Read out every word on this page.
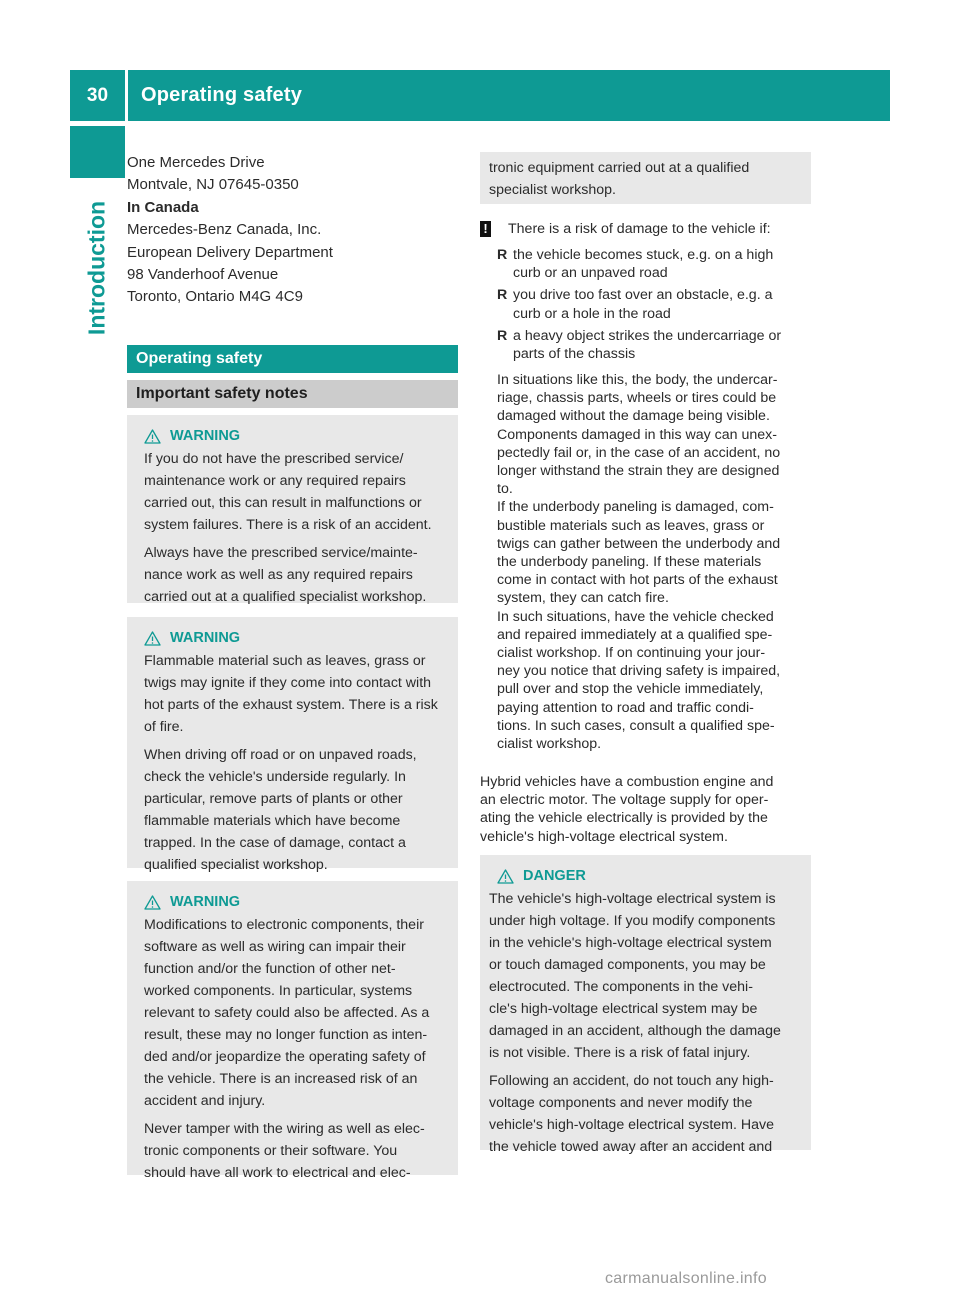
30	Operating safety
Introduction
One Mercedes Drive
Montvale, NJ 07645-0350
In Canada
Mercedes-Benz Canada, Inc.
European Delivery Department
98 Vanderhoof Avenue
Toronto, Ontario M4G 4C9
Operating safety
Important safety notes
WARNING
If you do not have the prescribed service/
maintenance work or any required repairs
carried out, this can result in malfunctions or
system failures. There is a risk of an accident.
Always have the prescribed service/mainte-
nance work as well as any required repairs
carried out at a qualified specialist workshop.
WARNING
Flammable material such as leaves, grass or
twigs may ignite if they come into contact with
hot parts of the exhaust system. There is a risk
of fire.
When driving off road or on unpaved roads,
check the vehicle's underside regularly. In
particular, remove parts of plants or other
flammable materials which have become
trapped. In the case of damage, contact a
qualified specialist workshop.
WARNING
Modifications to electronic components, their
software as well as wiring can impair their
function and/or the function of other net-
worked components. In particular, systems
relevant to safety could also be affected. As a
result, these may no longer function as inten-
ded and/or jeopardize the operating safety of
the vehicle. There is an increased risk of an
accident and injury.
Never tamper with the wiring as well as elec-
tronic components or their software. You
should have all work to electrical and elec-
tronic equipment carried out at a qualified
specialist workshop.
! There is a risk of damage to the vehicle if:
R the vehicle becomes stuck, e.g. on a high
curb or an unpaved road
R you drive too fast over an obstacle, e.g. a
curb or a hole in the road
R a heavy object strikes the undercarriage or
parts of the chassis
In situations like this, the body, the undercar-
riage, chassis parts, wheels or tires could be
damaged without the damage being visible.
Components damaged in this way can unex-
pectedly fail or, in the case of an accident, no
longer withstand the strain they are designed
to.
If the underbody paneling is damaged, com-
bustible materials such as leaves, grass or
twigs can gather between the underbody and
the underbody paneling. If these materials
come in contact with hot parts of the exhaust
system, they can catch fire.
In such situations, have the vehicle checked
and repaired immediately at a qualified spe-
cialist workshop. If on continuing your jour-
ney you notice that driving safety is impaired,
pull over and stop the vehicle immediately,
paying attention to road and traffic condi-
tions. In such cases, consult a qualified spe-
cialist workshop.
Hybrid vehicles have a combustion engine and
an electric motor. The voltage supply for oper-
ating the vehicle electrically is provided by the
vehicle's high-voltage electrical system.
DANGER
The vehicle's high-voltage electrical system is
under high voltage. If you modify components
in the vehicle's high-voltage electrical system
or touch damaged components, you may be
electrocuted. The components in the vehi-
cle's high-voltage electrical system may be
damaged in an accident, although the damage
is not visible. There is a risk of fatal injury.
Following an accident, do not touch any high-
voltage components and never modify the
vehicle's high-voltage electrical system. Have
the vehicle towed away after an accident and
carmanualsonline.info
